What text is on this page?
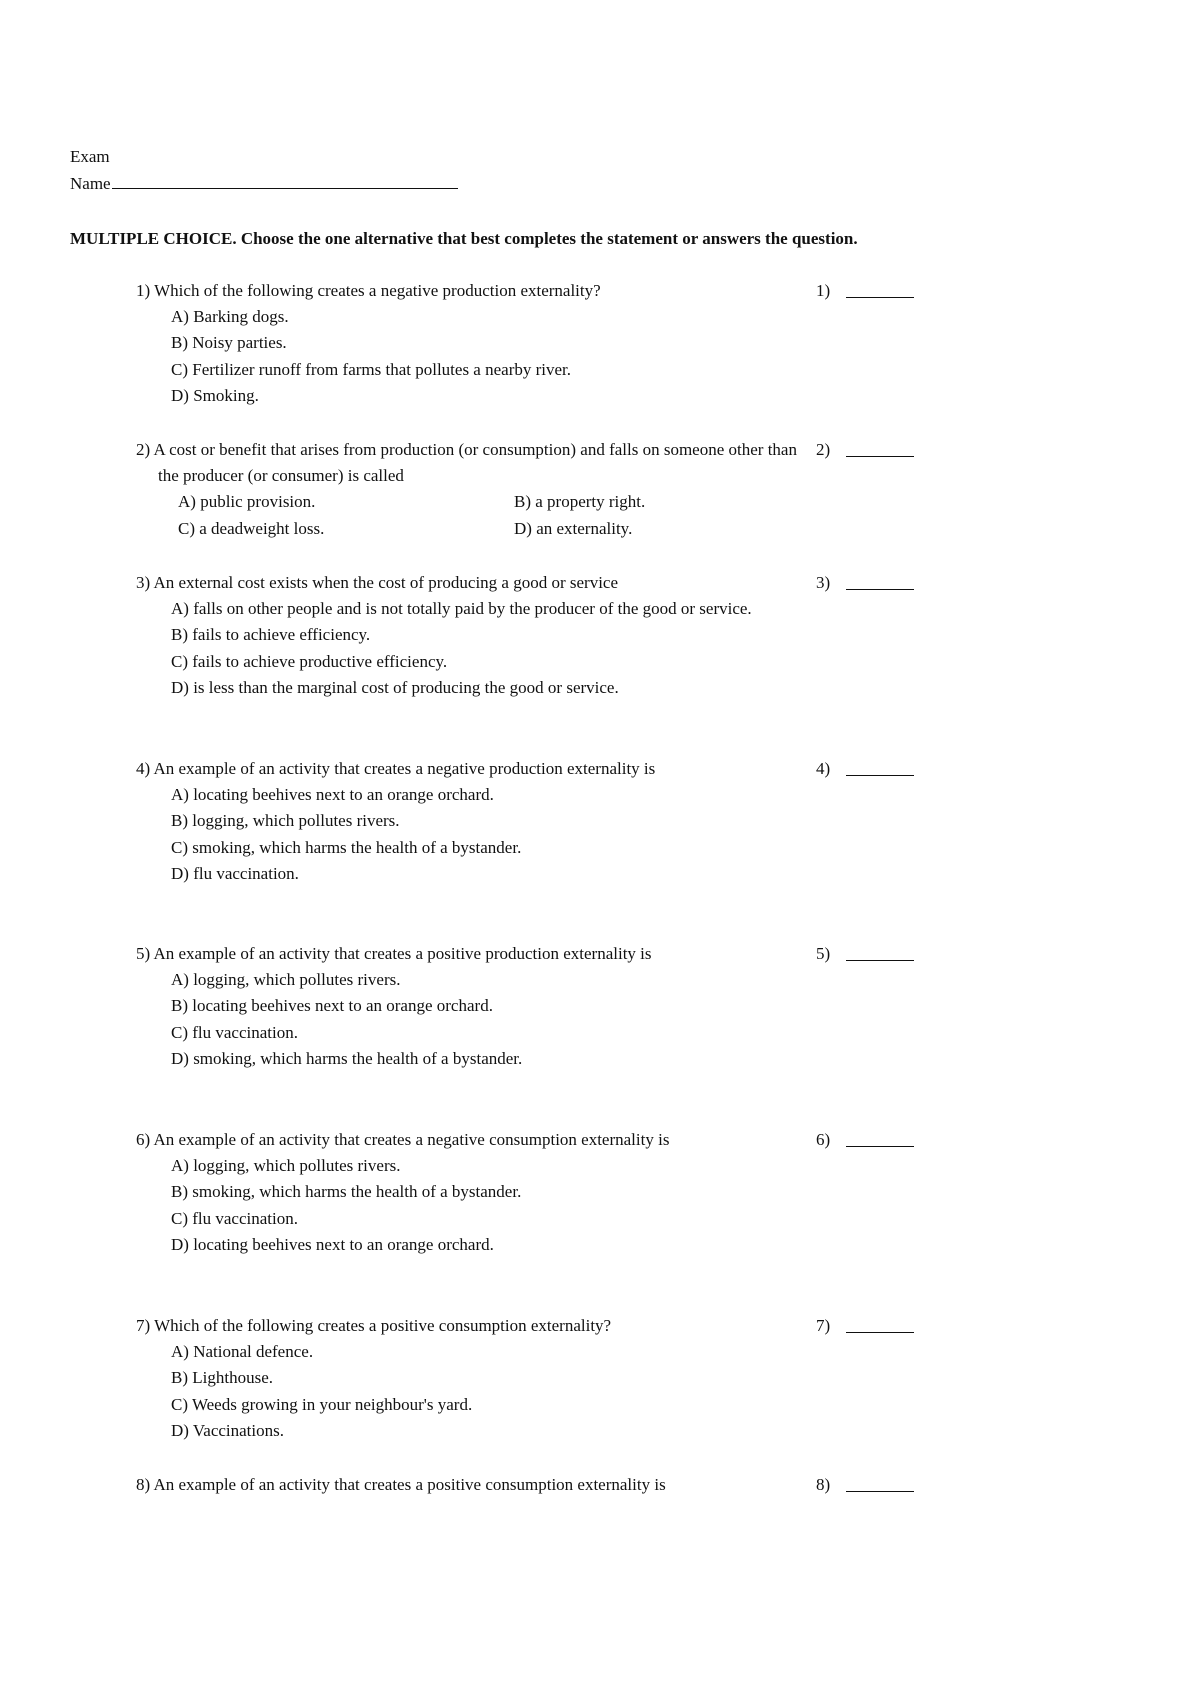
Exam
Name
MULTIPLE CHOICE. Choose the one alternative that best completes the statement or answers the question.
1) Which of the following creates a negative production externality?	1)
A) Barking dogs.
B) Noisy parties.
C) Fertilizer runoff from farms that pollutes a nearby river.
D) Smoking.
2) A cost or benefit that arises from production (or consumption) and falls on someone other than the producer (or consumer) is called
2)
A) public provision.	B) a property right.
C) a deadweight loss.	D) an externality.
3) An external cost exists when the cost of producing a good or service	3)
A) falls on other people and is not totally paid by the producer of the good or service.
B) fails to achieve efficiency.
C) fails to achieve productive efficiency.
D) is less than the marginal cost of producing the good or service.
4) An example of an activity that creates a negative production externality is	4)
A) locating beehives next to an orange orchard.
B) logging, which pollutes rivers.
C) smoking, which harms the health of a bystander.
D) flu vaccination.
5) An example of an activity that creates a positive production externality is	5)
A) logging, which pollutes rivers.
B) locating beehives next to an orange orchard.
C) flu vaccination.
D) smoking, which harms the health of a bystander.
6) An example of an activity that creates a negative consumption externality is	6)
A) logging, which pollutes rivers.
B) smoking, which harms the health of a bystander.
C) flu vaccination.
D) locating beehives next to an orange orchard.
7) Which of the following creates a positive consumption externality?	7)
A) National defence.
B) Lighthouse.
C) Weeds growing in your neighbour's yard.
D) Vaccinations.
8) An example of an activity that creates a positive consumption externality is	8)
